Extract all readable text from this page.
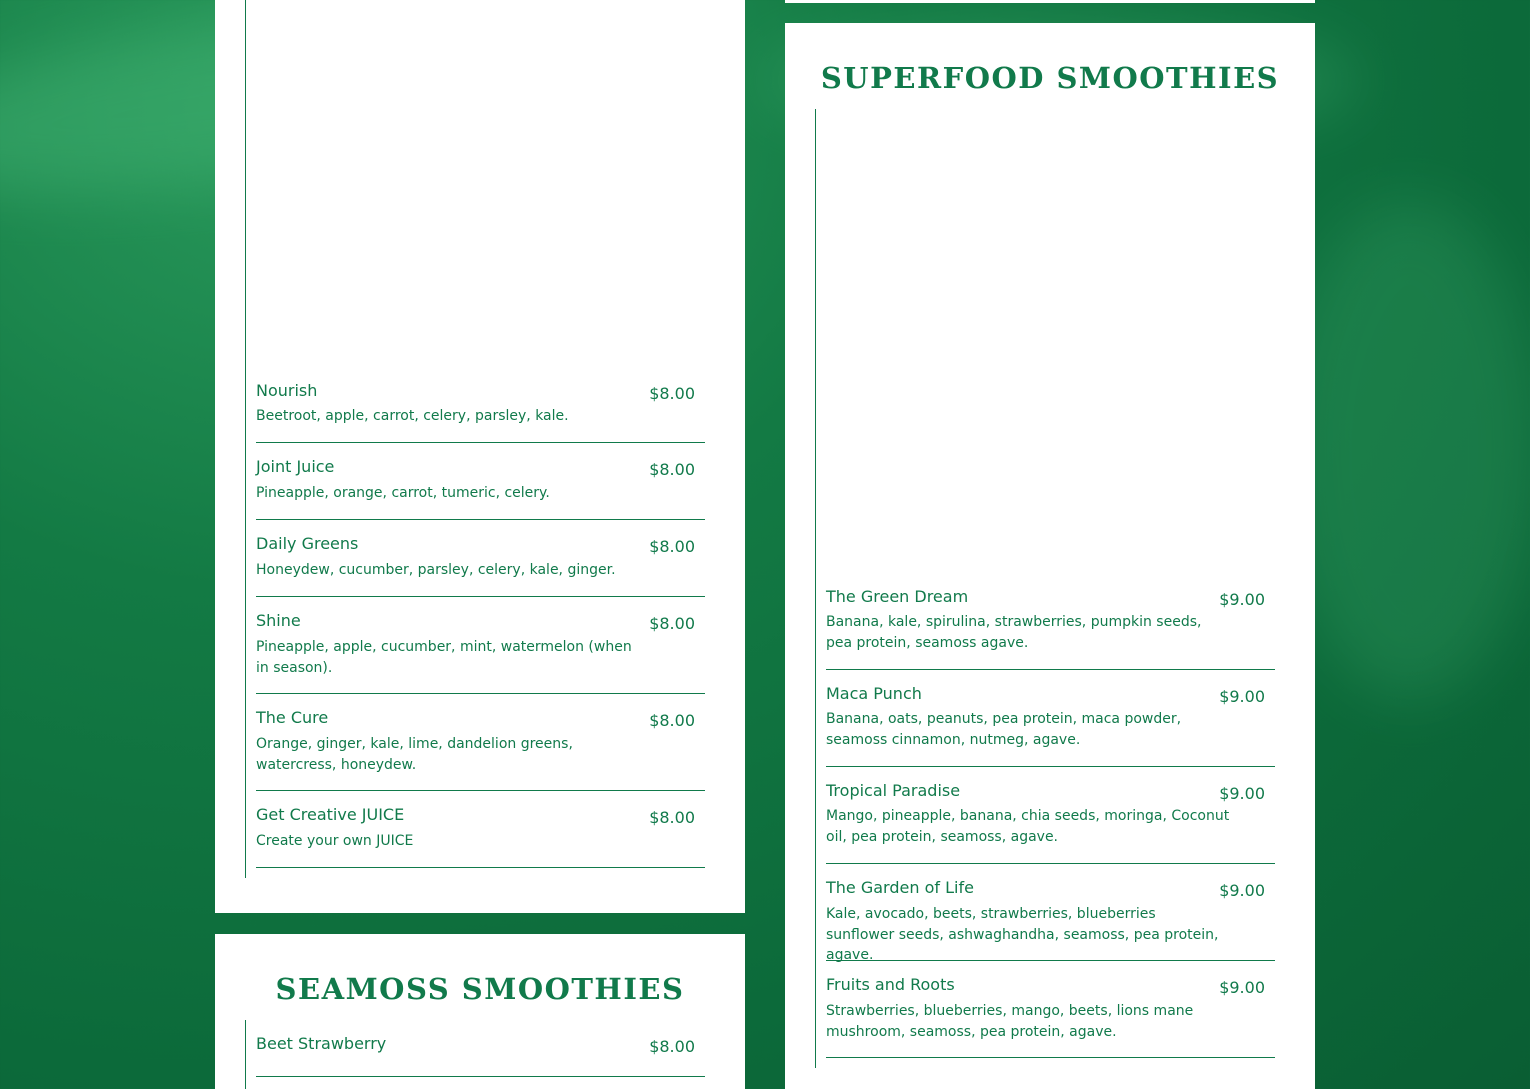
Nourish	$8.00
Beetroot, apple, carrot, celery, parsley, kale.
Joint Juice	$8.00
Pineapple, orange, carrot, tumeric, celery.
Daily Greens	$8.00
Honeydew, cucumber, parsley, celery, kale, ginger.
Shine	$8.00
Pineapple, apple, cucumber, mint, watermelon (when in season).
The Cure	$8.00
Orange, ginger, kale, lime, dandelion greens, watercress, honeydew.
Get Creative JUICE	$8.00
Create your own JUICE
SEAMOSS SMOOTHIES
Beet Strawberry	$8.00
SUPERFOOD SMOOTHIES
The Green Dream	$9.00
Banana, kale, spirulina, strawberries, pumpkin seeds, pea protein, seamoss agave.
Maca Punch	$9.00
Banana, oats, peanuts, pea protein, maca powder, seamoss cinnamon, nutmeg, agave.
Tropical Paradise	$9.00
Mango, pineapple, banana, chia seeds, moringa, Coconut oil, pea protein, seamoss, agave.
The Garden of Life	$9.00
Kale, avocado, beets, strawberries, blueberries sunflower seeds, ashwaghandha, seamoss, pea protein, agave.
Fruits and Roots	$9.00
Strawberries, blueberries, mango, beets, lions mane mushroom, seamoss, pea protein, agave.
